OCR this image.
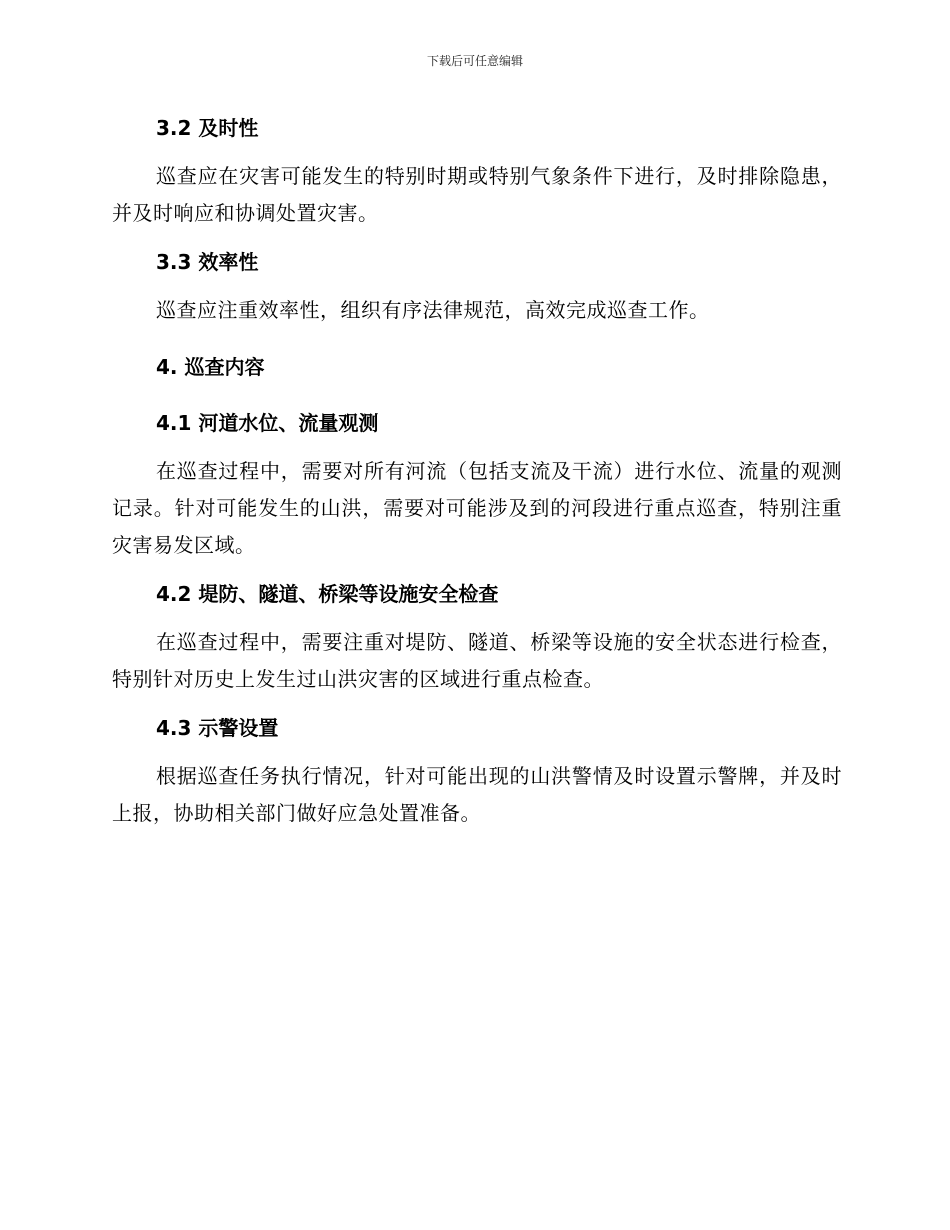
下载后可任意编辑
3.2 及时性

巡查应在灾害可能发生的特别时期或特别气象条件下进行，及时排除隐患，并及时响应和协调处置灾害。

3.3 效率性

巡查应注重效率性，组织有序法律规范，高效完成巡查工作。

4. 巡查内容
4.1 河道水位、流量观测

在巡查过程中，需要对所有河流（包括支流及干流）进行水位、流量的观测记录。针对可能发生的山洪，需要对可能涉及到的河段进行重点巡查，特别注重灾害易发区域。

4.2 堤防、隧道、桥梁等设施安全检查

在巡查过程中，需要注重对堤防、隧道、桥梁等设施的安全状态进行检查，特别针对历史上发生过山洪灾害的区域进行重点检查。

4.3 示警设置

根据巡查任务执行情况，针对可能出现的山洪警情及时设置示警牌，并及时上报，协助相关部门做好应急处置准备。
